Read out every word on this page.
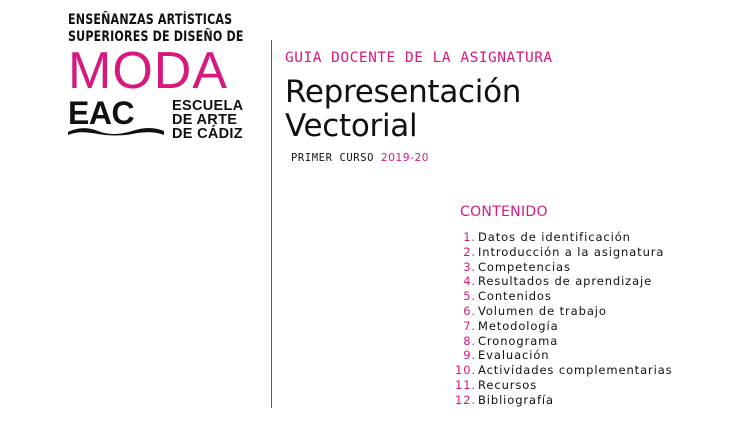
ENSEÑANZAS ARTÍSTICAS
SUPERIORES DE DISEÑO DE
MODA
EAC	ESCUELA
DE ARTE
DE CÁDIZ
GUIA DOCENTE DE LA ASIGNATURA
Representación
Vectorial
PRIMER CURSO 2019-20
CONTENIDO
1. Datos de identificación
2. Introducción a la asignatura
3. Competencias
4. Resultados de aprendizaje
5. Contenidos
6. Volumen de trabajo
7. Metodología
8. Cronograma
9. Evaluación
10. Actividades complementarias
11. Recursos
12. Bibliografía
